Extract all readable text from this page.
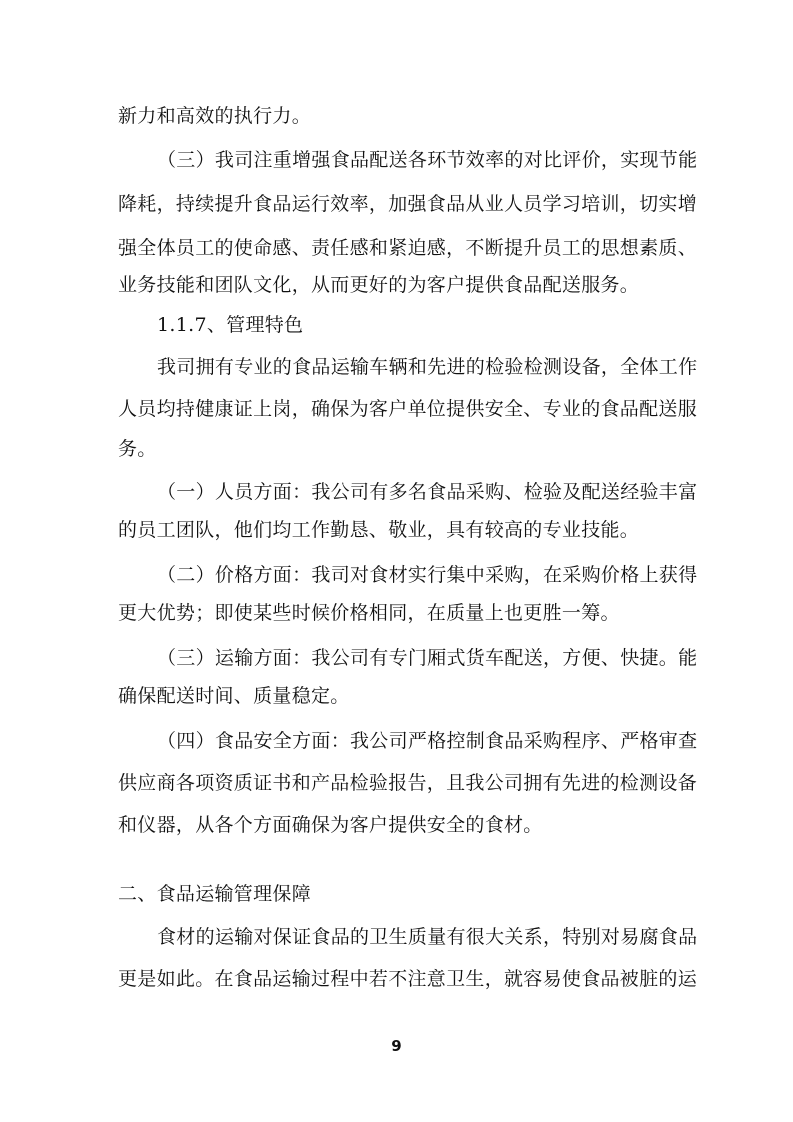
新力和高效的执行力。
（三）我司注重增强食品配送各环节效率的对比评价，实现节能
降耗，持续提升食品运行效率，加强食品从业人员学习培训，切实增
强全体员工的使命感、责任感和紧迫感，不断提升员工的思想素质、
业务技能和团队文化，从而更好的为客户提供食品配送服务。
1.1.7、管理特色
我司拥有专业的食品运输车辆和先进的检验检测设备，全体工作
人员均持健康证上岗，确保为客户单位提供安全、专业的食品配送服
务。
（一）人员方面：我公司有多名食品采购、检验及配送经验丰富
的员工团队，他们均工作勤恳、敬业，具有较高的专业技能。
（二）价格方面：我司对食材实行集中采购，在采购价格上获得
更大优势；即使某些时候价格相同，在质量上也更胜一筹。
（三）运输方面：我公司有专门厢式货车配送，方便、快捷。能
确保配送时间、质量稳定。
（四）食品安全方面：我公司严格控制食品采购程序、严格审查
供应商各项资质证书和产品检验报告，且我公司拥有先进的检测设备
和仪器，从各个方面确保为客户提供安全的食材。
二、食品运输管理保障
食材的运输对保证食品的卫生质量有很大关系，特别对易腐食品
更是如此。在食品运输过程中若不注意卫生，就容易使食品被脏的运
9
